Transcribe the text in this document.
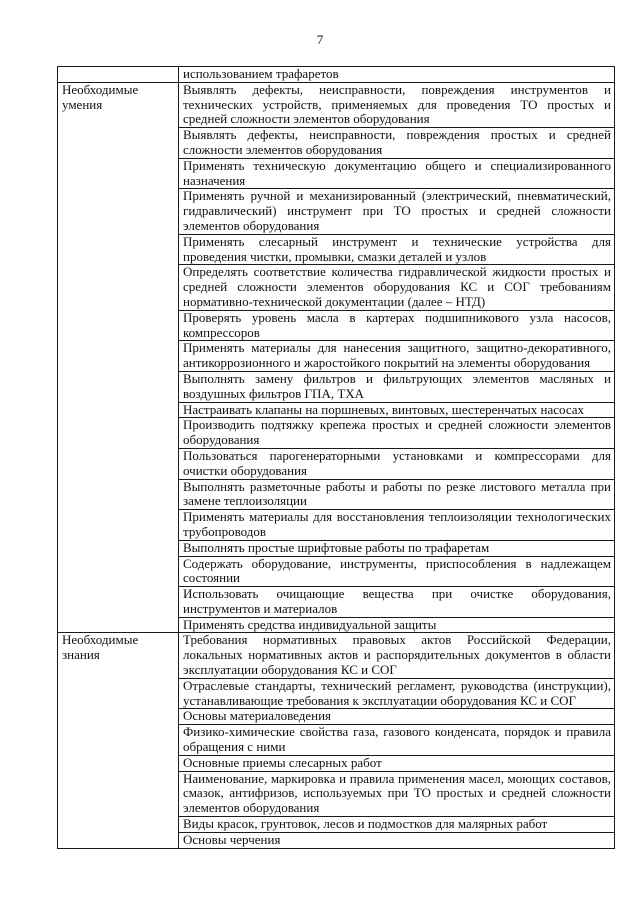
7
	использованием трафаретов

Необходимые умения	Выявлять дефекты, неисправности, повреждения инструментов и технических устройств, применяемых для проведения ТО простых и средней сложности элементов оборудования
	Выявлять дефекты, неисправности, повреждения простых и средней сложности элементов оборудования
	Применять техническую документацию общего и специализированного назначения
	Применять ручной и механизированный (электрический, пневматический, гидравлический) инструмент при ТО простых и средней сложности элементов оборудования
	Применять слесарный инструмент и технические устройства для проведения чистки, промывки, смазки деталей и узлов
	Определять соответствие количества гидравлической жидкости простых и средней сложности элементов оборудования КС и СОГ требованиям нормативно-технической документации (далее – НТД)
	Проверять уровень масла в картерах подшипникового узла насосов, компрессоров
	Применять материалы для нанесения защитного, защитно-декоративного, антикоррозионного и жаростойкого покрытий на элементы оборудования
	Выполнять замену фильтров и фильтрующих элементов масляных и воздушных фильтров ГПА, ТХА
	Настраивать клапаны на поршневых, винтовых, шестеренчатых насосах
	Производить подтяжку крепежа простых и средней сложности элементов оборудования
	Пользоваться парогенераторными установками и компрессорами для очистки оборудования
	Выполнять разметочные работы и работы по резке листового металла при замене теплоизоляции
	Применять материалы для восстановления теплоизоляции технологических трубопроводов
	Выполнять простые шрифтовые работы по трафаретам
	Содержать оборудование, инструменты, приспособления в надлежащем состоянии
	Использовать очищающие вещества при очистке оборудования, инструментов и материалов
	Применять средства индивидуальной защиты

Необходимые знания	Требования нормативных правовых актов Российской Федерации, локальных нормативных актов и распорядительных документов в области эксплуатации оборудования КС и СОГ
	Отраслевые стандарты, технический регламент, руководства (инструкции), устанавливающие требования к эксплуатации оборудования КС и СОГ
	Основы материаловедения
	Физико-химические свойства газа, газового конденсата, порядок и правила обращения с ними
	Основные приемы слесарных работ
	Наименование, маркировка и правила применения масел, моющих составов, смазок, антифризов, используемых при ТО простых и средней сложности элементов оборудования
	Виды красок, грунтовок, лесов и подмостков для малярных работ
	Основы черчения
